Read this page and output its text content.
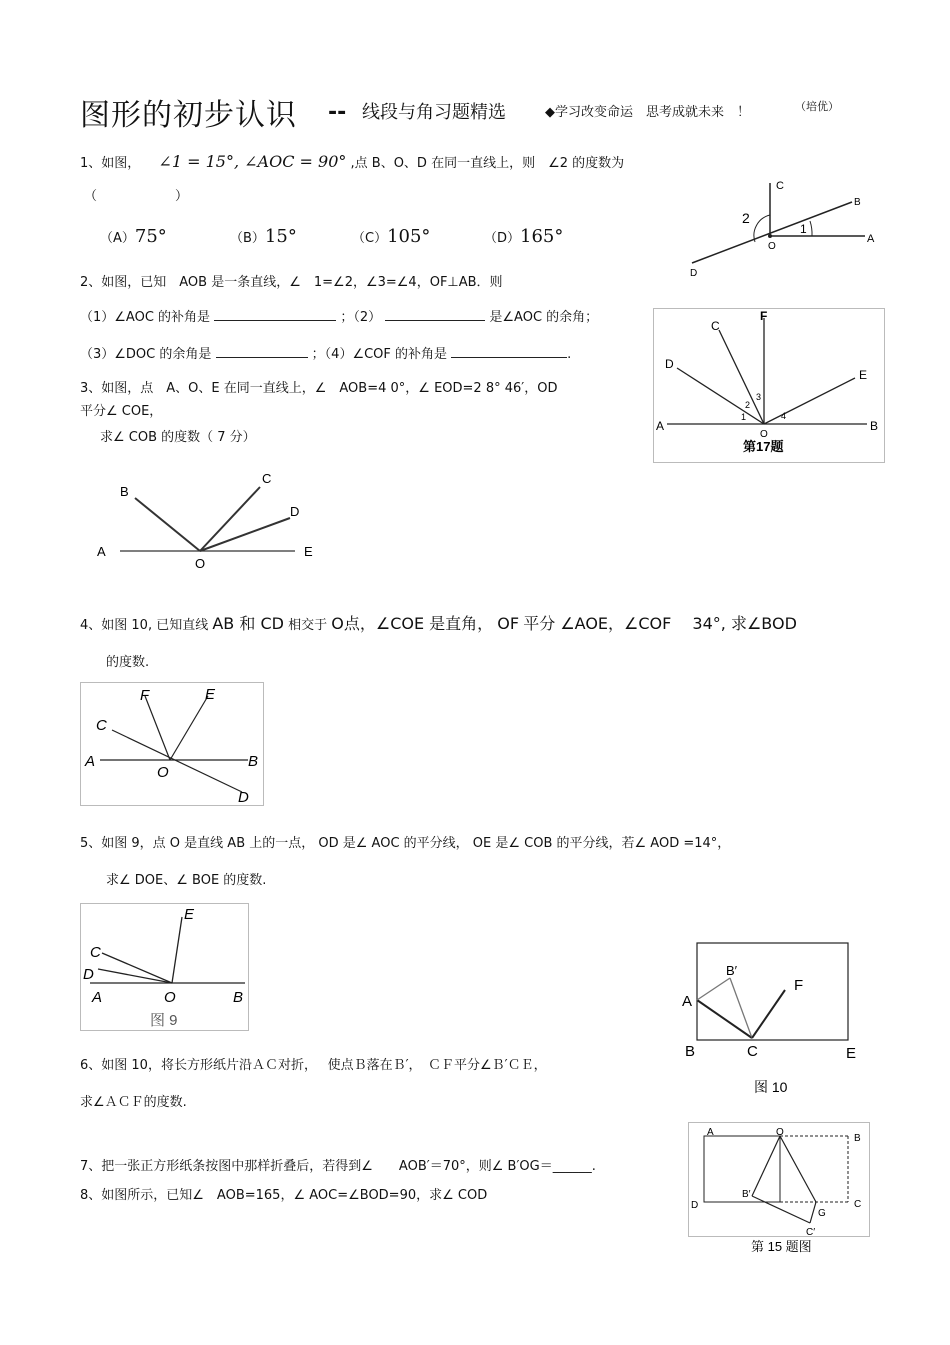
图形的初步认识 -- 线段与角习题精选	◆学习改变命运　思考成就未来　！	（培优）
1、如图， ∠1 = 15°, ∠AOC = 90° ,点 B、O、D 在同一直线上，则　∠2 的度数为
（　　　　　　）
（A）75°	（B）15°	（C）105°	（D）165°
C
B
A
O
D
1
2
2、如图，已知　AOB 是一条直线，∠　1=∠2，∠3=∠4，OF⊥AB．则
（1）∠AOC 的补角是	；（2）	是∠AOC 的余角；
（3）∠DOC 的余角是	；（4）∠COF 的补角是	.
C
F
D
E
A	B
O
1
2
3
4
第17题
3、如图，点　A、O、E 在同一直线上，∠　AOB=4 0°，∠ EOD=2 8° 46′，OD
平分∠ COE，
求∠ COB 的度数（ 7 分）
B
C
D
A	E
O
4、如图 10, 已知直线 AB 和 CD 相交于 O点，∠COE 是直角， OF 平分 ∠AOE，∠COF　 34°, 求∠BOD
的度数.
F	E
C
A
O
B
D
5、如图 9，点 O 是直线 AB 上的一点， OD 是∠ AOC 的平分线， OE 是∠ COB 的平分线，若∠ AOD =14°，
求∠ DOE、∠ BOE 的度数.
E
C
D
A	O	B
图 9
6、如图 10，将长方形纸片沿ＡＣ对折，　 使点Ｂ落在Ｂ′，　ＣＦ平分∠Ｂ′ＣＥ，
求∠ＡＣＦ的度数.
B′
F
A
B	C	E
图 10
7、把一张正方形纸条按图中那样折叠后，若得到∠　　AOB′＝70°，则∠ B′OG＝______.
A	O
B
D
B′
G
C
C′
第 15 题图
8、如图所示，已知∠　AOB=165，∠ AOC=∠BOD=90，求∠ COD
